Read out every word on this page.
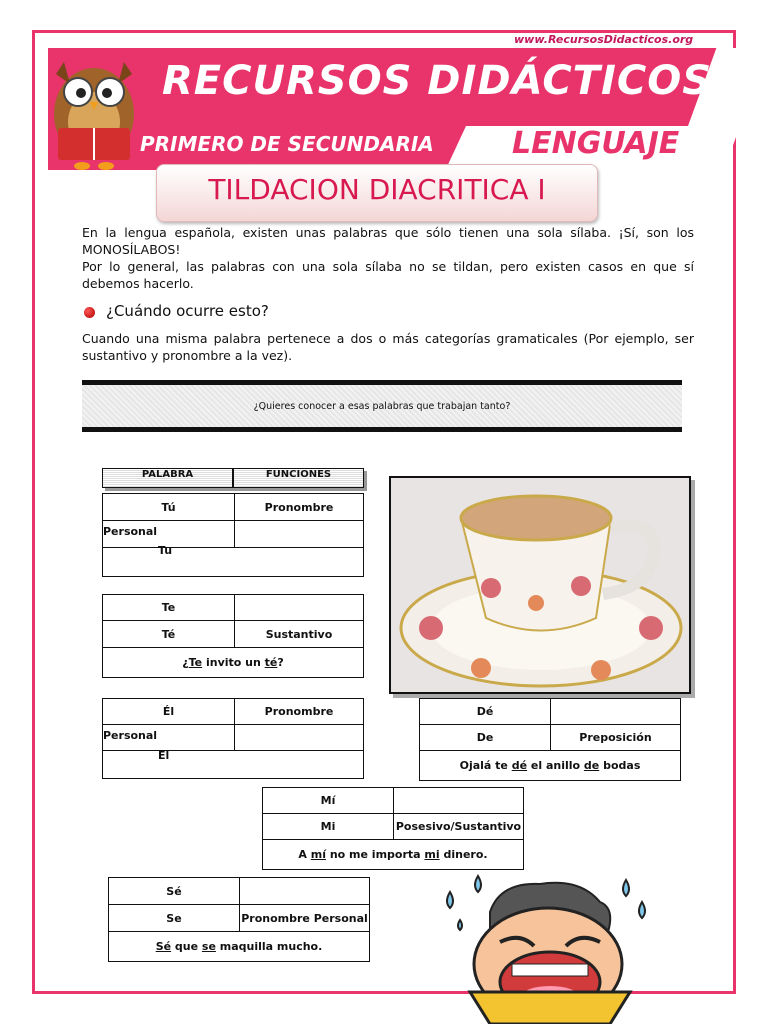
www.RecursosDidacticos.org
RECURSOS DIDÁCTICOS
PRIMERO DE SECUNDARIA	LENGUAJE
TILDACION DIACRITICA I
En la lengua española, existen unas palabras que sólo tienen una sola sílaba. ¡Sí, son los MONOSÍLABOS!
Por lo general, las palabras con una sola sílaba no se tildan, pero existen casos en que sí debemos hacerlo.
¿Cuándo ocurre esto?
Cuando una misma palabra pertenece a dos o más categorías gramaticales (Por ejemplo, ser sustantivo y pronombre a la vez).
¿Quieres conocer a esas palabras que trabajan tanto?
PALABRA	FUNCIONES
Tú	Pronombre

Personal
Tu
Te	
Té	Sustantivo
¿Te invito un té?	
Él	Pronombre

Personal
El
Dé	
De	Preposición
Ojalá te dé el anillo de bodas	
Mí	
Mi	Posesivo/Sustantivo
A mí no me importa mi dinero.	
Sé	
Se	Pronombre Personal
Sé que se maquilla mucho.	
